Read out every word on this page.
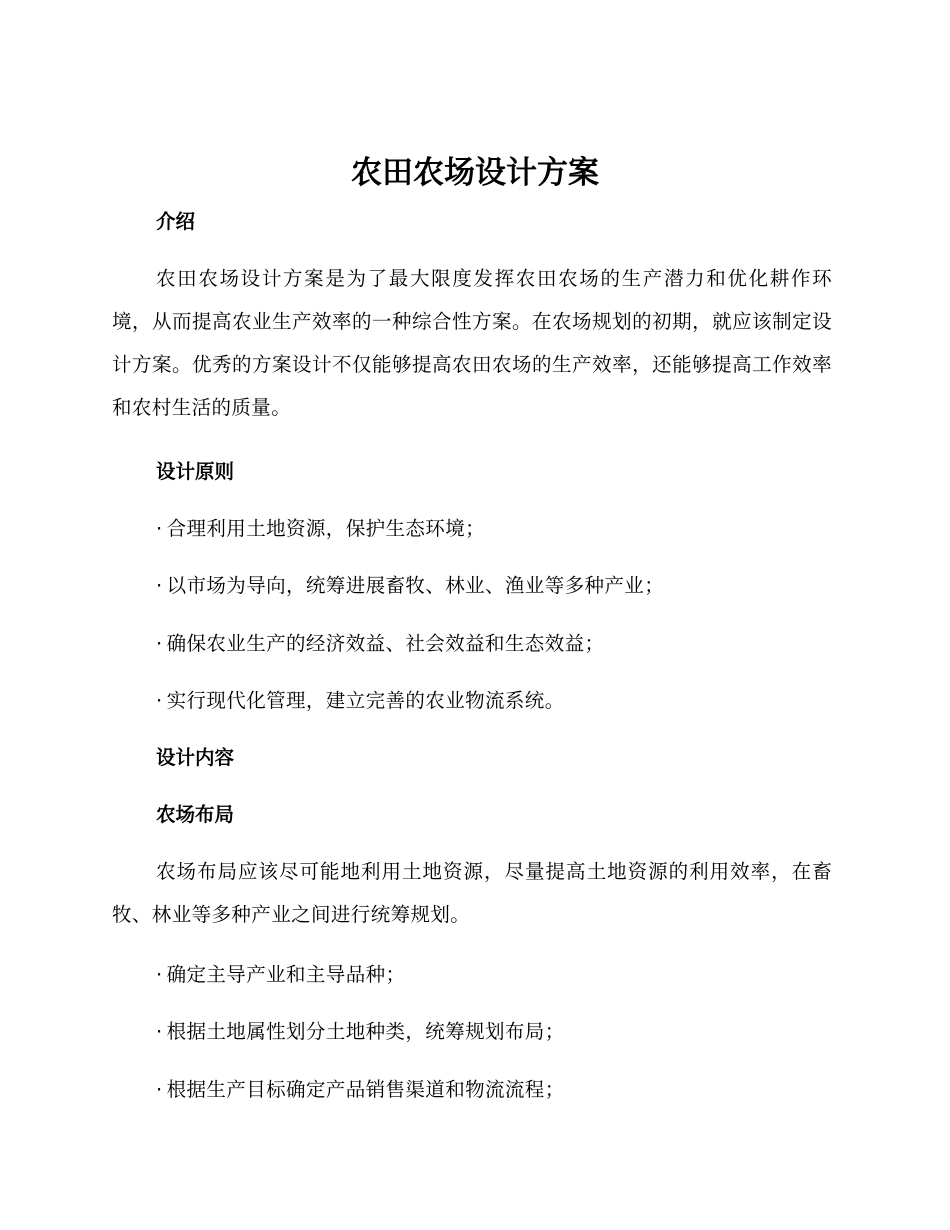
农田农场设计方案
介绍

农田农场设计方案是为了最大限度发挥农田农场的生产潜力和优化耕作环境，从而提高农业生产效率的一种综合性方案。在农场规划的初期，就应该制定设计方案。优秀的方案设计不仅能够提高农田农场的生产效率，还能够提高工作效率和农村生活的质量。

设计原则
· 合理利用土地资源，保护生态环境；
· 以市场为导向，统筹进展畜牧、林业、渔业等多种产业；
· 确保农业生产的经济效益、社会效益和生态效益；
· 实行现代化管理，建立完善的农业物流系统。
设计内容
农场布局

农场布局应该尽可能地利用土地资源，尽量提高土地资源的利用效率，在畜牧、林业等多种产业之间进行统筹规划。

· 确定主导产业和主导品种；
· 根据土地属性划分土地种类，统筹规划布局；
· 根据生产目标确定产品销售渠道和物流流程；
